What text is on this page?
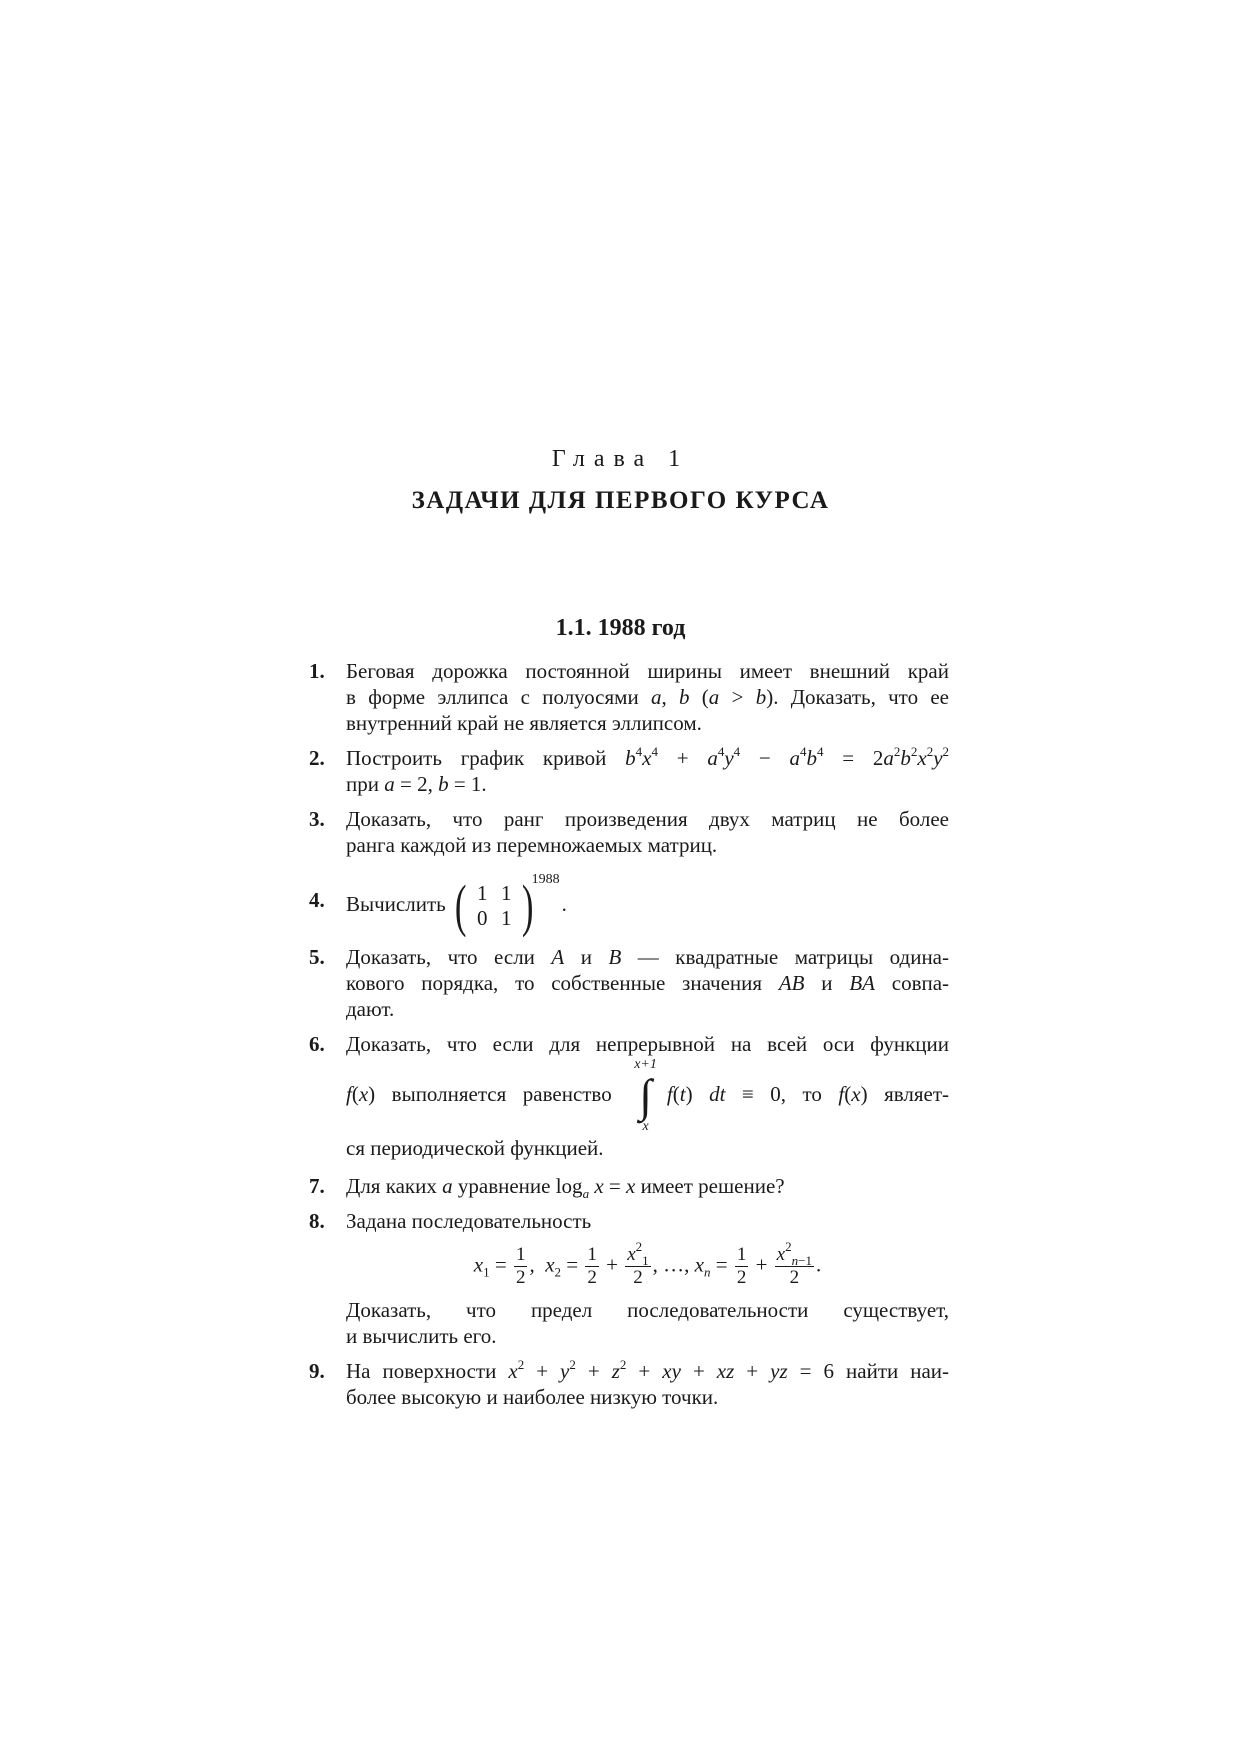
Глава 1
ЗАДАЧИ ДЛЯ ПЕРВОГО КУРСА
1.1. 1988 год
1. Беговая дорожка постоянной ширины имеет внешний край
в форме эллипса с полуосями a, b (a > b). Доказать, что ее
внутренний край не является эллипсом.
2. Построить график кривой $b^4x^4 + a^4y^4 - a^4b^4 = 2a^2b^2x^2y^2$
при a = 2, b = 1.
3. Доказать, что ранг произведения двух матриц не более
ранга каждой из перемножаемых матриц.
4. Вычислить ( 1 1
0 1 )
$^{1988}$.
5. Доказать, что если A и B — квадратные матрицы одина-
кового порядка, то собственные значения AB и BA совпа-
дают.
6. Доказать, что если для непрерывной на всей оси функции
f(x) выполняется равенство
x+1
∫
x
f(t) dt ≡ 0, то f(x) являет-
ся периодической функцией.
7. Для каких a уравнение $\log_a x = x$ имеет решение?
8. Задана последовательность
$x_1 = \frac{1}{2}$ ,  $x_2 = \frac{1}{2} + \frac{x^2_1}{2}$ , …, $x_n = \frac{1}{2} + \frac{x^2_{n-1}}{2}$ .
Доказать, что предел последовательности существует,
и вычислить его.
9. На поверхности $x^2 + y^2 + z^2$ + xy + xz + yz = 6 найти наи-
более высокую и наиболее низкую точки.
